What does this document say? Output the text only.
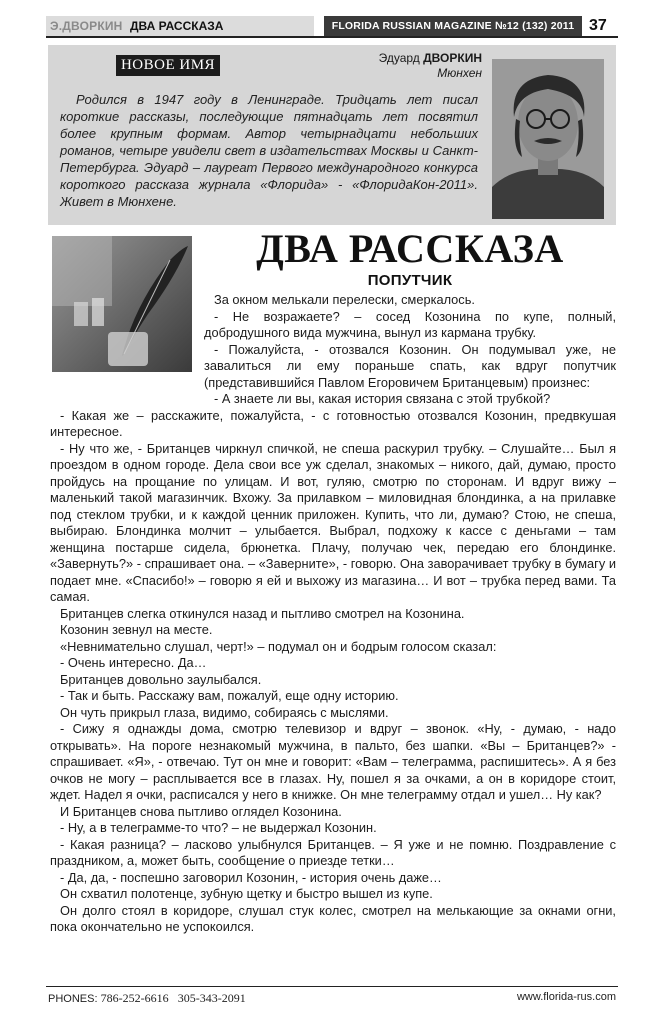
Э.ДВОРКИН ДВА РАССКАЗА	FLORIDA RUSSIAN MAGAZINE №12 (132) 2011 37
НОВОЕ ИМЯ	Эдуард ДВОРКИН
Мюнхен

Родился в 1947 году в Ленинграде. Тридцать лет писал короткие рассказы, последующие пятнадцать лет посвятил более крупным формам. Автор четырнадцати небольших романов, четыре увидели свет в издательствах Москвы и Санкт-Петербурга. Эдуард – лауреат Первого международного конкурса короткого рассказа журнала «Флорида» - «ФлоридаКон-2011». Живет в Мюнхене.

ДВА РАССКАЗА
ПОПУТЧИК

За окном мелькали перелески, смеркалось.

- Не возражаете? – сосед Козонина по купе, полный, добродушного вида мужчина, вынул из кармана трубку.

- Пожалуйста, - отозвался Козонин. Он подумывал уже, не завалиться ли ему пораньше спать, как вдруг попутчик (представившийся Павлом Егоровичем Британцевым) произнес:

- А знаете ли вы, какая история связана с этой трубкой?

- Какая же – расскажите, пожалуйста, - с готовностью отозвался Козонин, предвкушая интересное.

- Ну что же, - Британцев чиркнул спичкой, не спеша раскурил трубку. – Слушайте… Был я проездом в одном городе. Дела свои все уж сделал, знакомых – никого, дай, думаю, просто пройдусь на прощание по улицам. И вот, гуляю, смотрю по сторонам. И вдруг вижу – маленький такой магазинчик. Вхожу. За прилавком – миловидная блондинка, а на прилавке под стеклом трубки, и к каждой ценник приложен. Купить, что ли, думаю? Стою, не спеша, выбираю. Блондинка молчит – улыбается. Выбрал, подхожу к кассе с деньгами – там женщина постарше сидела, брюнетка. Плачу, получаю чек, передаю его блондинке. «Завернуть?» - спрашивает она. – «Заверните», - говорю. Она заворачивает трубку в бумагу и подает мне. «Спасибо!» – говорю я ей и выхожу из магазина… И вот – трубка перед вами. Та самая.

Британцев слегка откинулся назад и пытливо смотрел на Козонина.

Козонин зевнул на месте.

«Невнимательно слушал, черт!» – подумал он и бодрым голосом сказал:

- Очень интересно. Да…

Британцев довольно заулыбался.

- Так и быть. Расскажу вам, пожалуй, еще одну историю.

Он чуть прикрыл глаза, видимо, собираясь с мыслями.

- Сижу я однажды дома, смотрю телевизор и вдруг – звонок. «Ну, - думаю, - надо открывать». На пороге незнакомый мужчина, в пальто, без шапки. «Вы – Британцев?» - спрашивает. «Я», - отвечаю. Тут он мне и говорит: «Вам – телеграмма, распишитесь». А я без очков не могу – расплывается все в глазах. Ну, пошел я за очками, а он в коридоре стоит, ждет. Надел я очки, расписался у него в книжке. Он мне телеграмму отдал и ушел… Ну как?

И Британцев снова пытливо оглядел Козонина.

- Ну, а в телеграмме-то что? – не выдержал Козонин.

- Какая разница? – ласково улыбнулся Британцев. – Я уже и не помню. Поздравление с праздником, а, может быть, сообщение о приезде тетки…

- Да, да, - поспешно заговорил Козонин, - история очень даже…

Он схватил полотенце, зубную щетку и быстро вышел из купе.

Он долго стоял в коридоре, слушал стук колес, смотрел на мелькающие за окнами огни, пока окончательно не успокоился.

PHONES: 786-252-6616 305-343-2091	www.florida-rus.com
